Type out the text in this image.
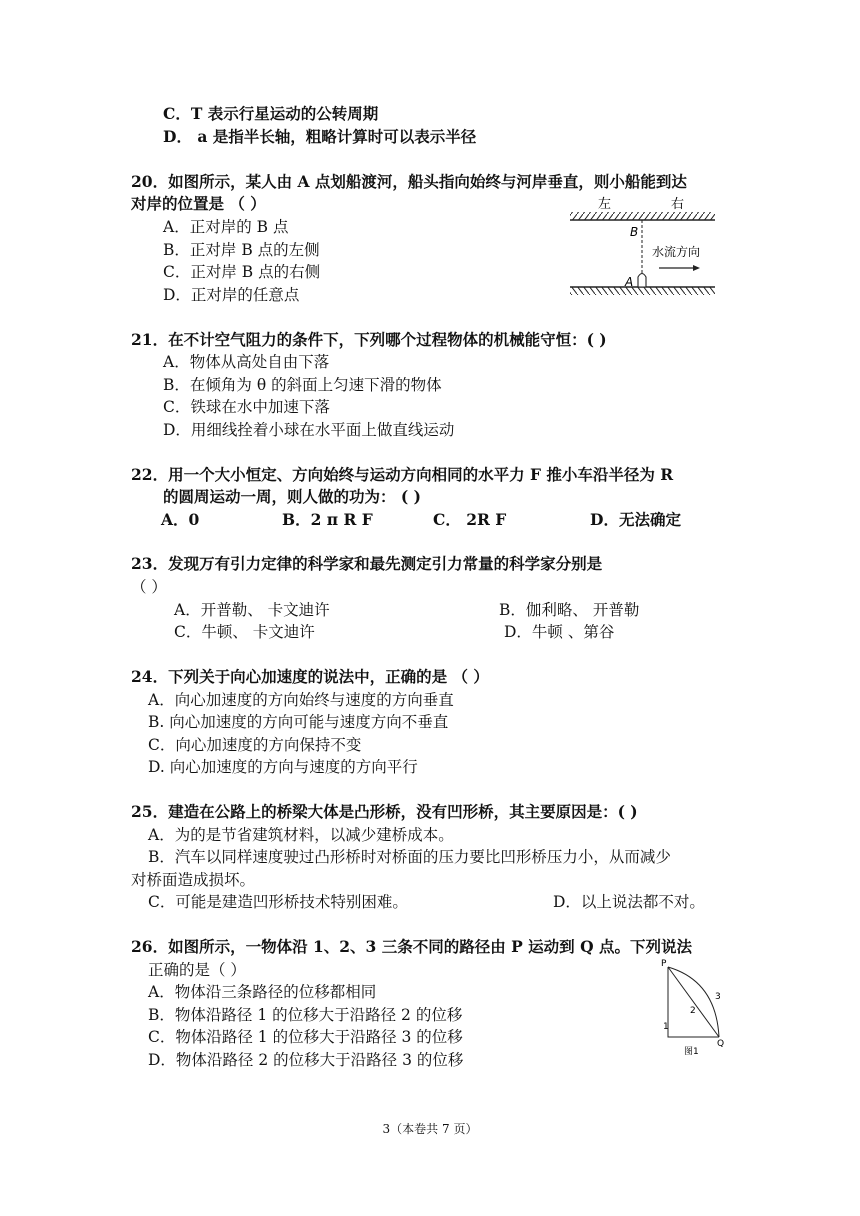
C．T 表示行星运动的公转周期
D． a 是指半长轴，粗略计算时可以表示半径
20．如图所示，某人由 A 点划船渡河，船头指向始终与河岸垂直，则小船能到达
对岸的位置是 （ ）
A．正对岸的 B 点
B．正对岸 B 点的左侧
C．正对岸 B 点的右侧
D．正对岸的任意点
左	右
B
A
水流方向
21．在不计空气阻力的条件下，下列哪个过程物体的机械能守恒：( )
A．物体从高处自由下落
B．在倾角为 θ 的斜面上匀速下滑的物体
C．铁球在水中加速下落
D．用细线拴着小球在水平面上做直线运动
22．用一个大小恒定、方向始终与运动方向相同的水平力 F 推小车沿半径为 R
的圆周运动一周，则人做的功为： ( )
A．0	B．2 π R F	C． 2R F	D．无法确定
23．发现万有引力定律的科学家和最先测定引力常量的科学家分别是
（ ）
A．开普勒、 卡文迪许	B．伽利略、 开普勒
C．牛顿、 卡文迪许	D．牛顿 、第谷
24．下列关于向心加速度的说法中，正确的是 （ ）
A．向心加速度的方向始终与速度的方向垂直
B. 向心加速度的方向可能与速度方向不垂直
C．向心加速度的方向保持不变
D. 向心加速度的方向与速度的方向平行
25．建造在公路上的桥梁大体是凸形桥，没有凹形桥，其主要原因是：( )
A．为的是节省建筑材料，以减少建桥成本。
B．汽车以同样速度驶过凸形桥时对桥面的压力要比凹形桥压力小，从而减少
对桥面造成损坏。
C．可能是建造凹形桥技术特别困难。	D．以上说法都不对。
26．如图所示，一物体沿 1、2、3 三条不同的路径由 P 运动到 Q 点。下列说法
正确的是（ ）
A．物体沿三条路径的位移都相同
B．物体沿路径 1 的位移大于沿路径 2 的位移
C．物体沿路径 1 的位移大于沿路径 3 的位移
D．物体沿路径 2 的位移大于沿路径 3 的位移
P
Q
1
2
3
图1
3（本卷共 7 页）
